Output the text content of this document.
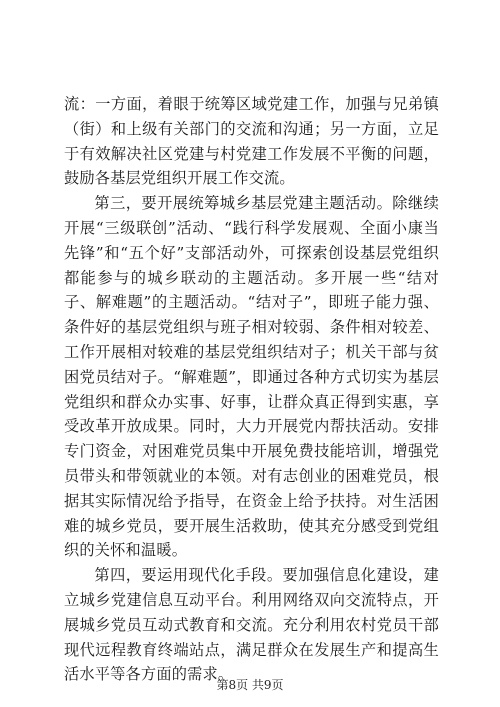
流：一方面，着眼于统筹区域党建工作，加强与兄弟镇（街）和上级有关部门的交流和沟通；另一方面，立足于有效解决社区党建与村党建工作发展不平衡的问题，鼓励各基层党组织开展工作交流。

第三，要开展统筹城乡基层党建主题活动。除继续开展“三级联创”活动、“践行科学发展观、全面小康当先锋”和“五个好”支部活动外，可探索创设基层党组织都能参与的城乡联动的主题活动。多开展一些“结对子、解难题”的主题活动。“结对子”，即班子能力强、条件好的基层党组织与班子相对较弱、条件相对较差、工作开展相对较难的基层党组织结对子；机关干部与贫困党员结对子。“解难题”，即通过各种方式切实为基层党组织和群众办实事、好事，让群众真正得到实惠，享受改革开放成果。同时，大力开展党内帮扶活动。安排专门资金，对困难党员集中开展免费技能培训，增强党员带头和带领就业的本领。对有志创业的困难党员，根据其实际情况给予指导，在资金上给予扶持。对生活困难的城乡党员，要开展生活救助，使其充分感受到党组织的关怀和温暖。

第四，要运用现代化手段。要加强信息化建设，建立城乡党建信息互动平台。利用网络双向交流特点，开展城乡党员互动式教育和交流。充分利用农村党员干部现代远程教育终端站点，满足群众在发展生产和提高生活水平等各方面的需求。

第8页 共9页
